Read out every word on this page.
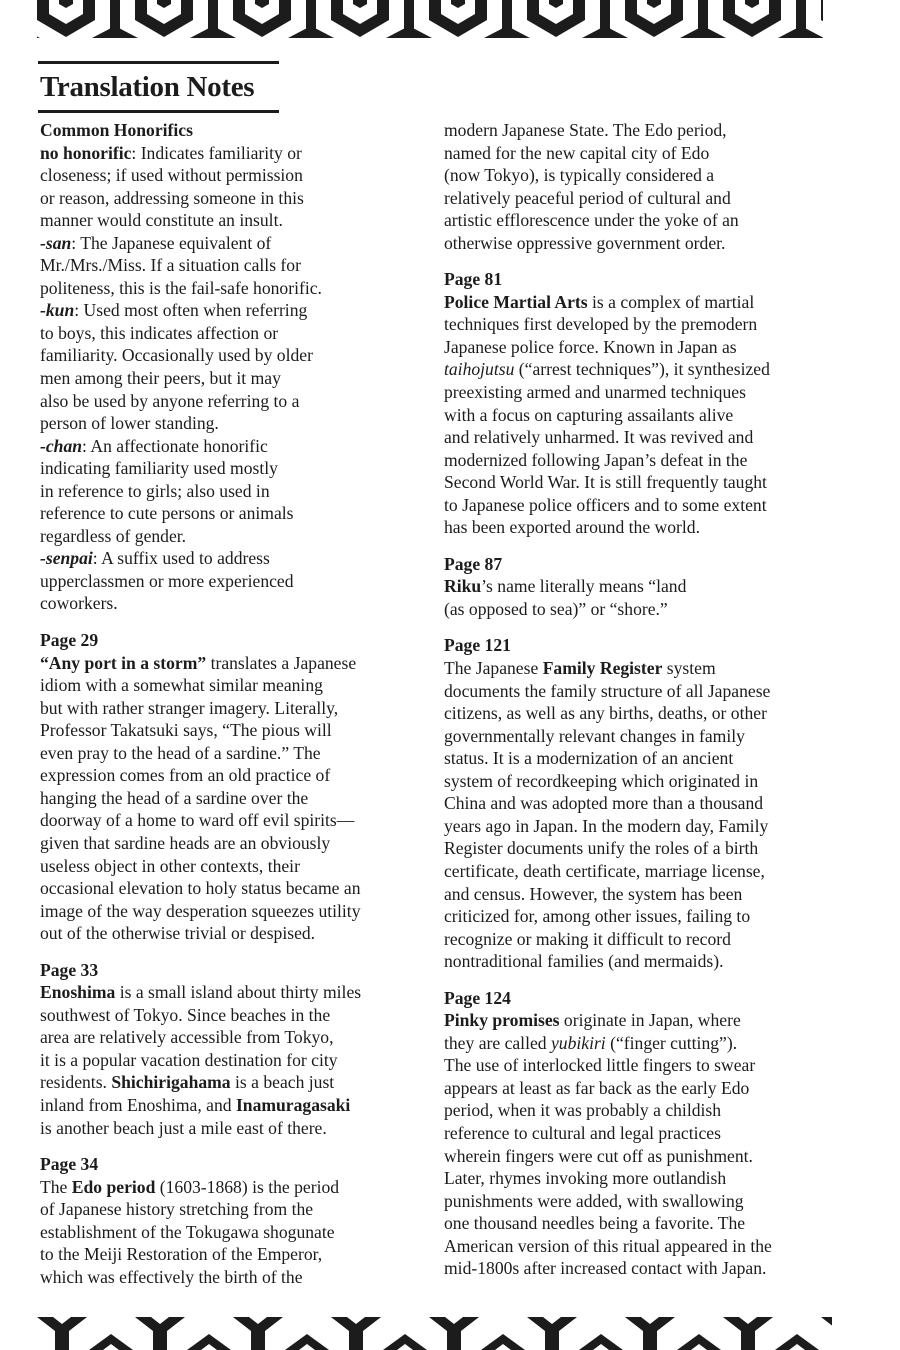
Translation Notes
Common Honorifics
no honorific: Indicates familiarity or
closeness; if used without permission
or reason, addressing someone in this
manner would constitute an insult.
-san: The Japanese equivalent of
Mr./Mrs./Miss. If a situation calls for
politeness, this is the fail-safe honorific.
-kun: Used most often when referring
to boys, this indicates affection or
familiarity. Occasionally used by older
men among their peers, but it may
also be used by anyone referring to a
person of lower standing.
-chan: An affectionate honorific
indicating familiarity used mostly
in reference to girls; also used in
reference to cute persons or animals
regardless of gender.
-senpai: A suffix used to address
upperclassmen or more experienced
coworkers.
Page 29
“Any port in a storm” translates a Japanese
idiom with a somewhat similar meaning
but with rather stranger imagery. Literally,
Professor Takatsuki says, “The pious will
even pray to the head of a sardine.” The
expression comes from an old practice of
hanging the head of a sardine over the
doorway of a home to ward off evil spirits—
given that sardine heads are an obviously
useless object in other contexts, their
occasional elevation to holy status became an
image of the way desperation squeezes utility
out of the otherwise trivial or despised.
Page 33
Enoshima is a small island about thirty miles
southwest of Tokyo. Since beaches in the
area are relatively accessible from Tokyo,
it is a popular vacation destination for city
residents. Shichirigahama is a beach just
inland from Enoshima, and Inamuragasaki
is another beach just a mile east of there.
Page 34
The Edo period (1603-1868) is the period
of Japanese history stretching from the
establishment of the Tokugawa shogunate
to the Meiji Restoration of the Emperor,
which was effectively the birth of the
modern Japanese State. The Edo period,
named for the new capital city of Edo
(now Tokyo), is typically considered a
relatively peaceful period of cultural and
artistic efflorescence under the yoke of an
otherwise oppressive government order.
Page 81
Police Martial Arts is a complex of martial
techniques first developed by the premodern
Japanese police force. Known in Japan as
taihojutsu (“arrest techniques”), it synthesized
preexisting armed and unarmed techniques
with a focus on capturing assailants alive
and relatively unharmed. It was revived and
modernized following Japan’s defeat in the
Second World War. It is still frequently taught
to Japanese police officers and to some extent
has been exported around the world.
Page 87
Riku’s name literally means “land
(as opposed to sea)” or “shore.”
Page 121
The Japanese Family Register system
documents the family structure of all Japanese
citizens, as well as any births, deaths, or other
governmentally relevant changes in family
status. It is a modernization of an ancient
system of recordkeeping which originated in
China and was adopted more than a thousand
years ago in Japan. In the modern day, Family
Register documents unify the roles of a birth
certificate, death certificate, marriage license,
and census. However, the system has been
criticized for, among other issues, failing to
recognize or making it difficult to record
nontraditional families (and mermaids).
Page 124
Pinky promises originate in Japan, where
they are called yubikiri (“finger cutting”).
The use of interlocked little fingers to swear
appears at least as far back as the early Edo
period, when it was probably a childish
reference to cultural and legal practices
wherein fingers were cut off as punishment.
Later, rhymes invoking more outlandish
punishments were added, with swallowing
one thousand needles being a favorite. The
American version of this ritual appeared in the
mid-1800s after increased contact with Japan.
